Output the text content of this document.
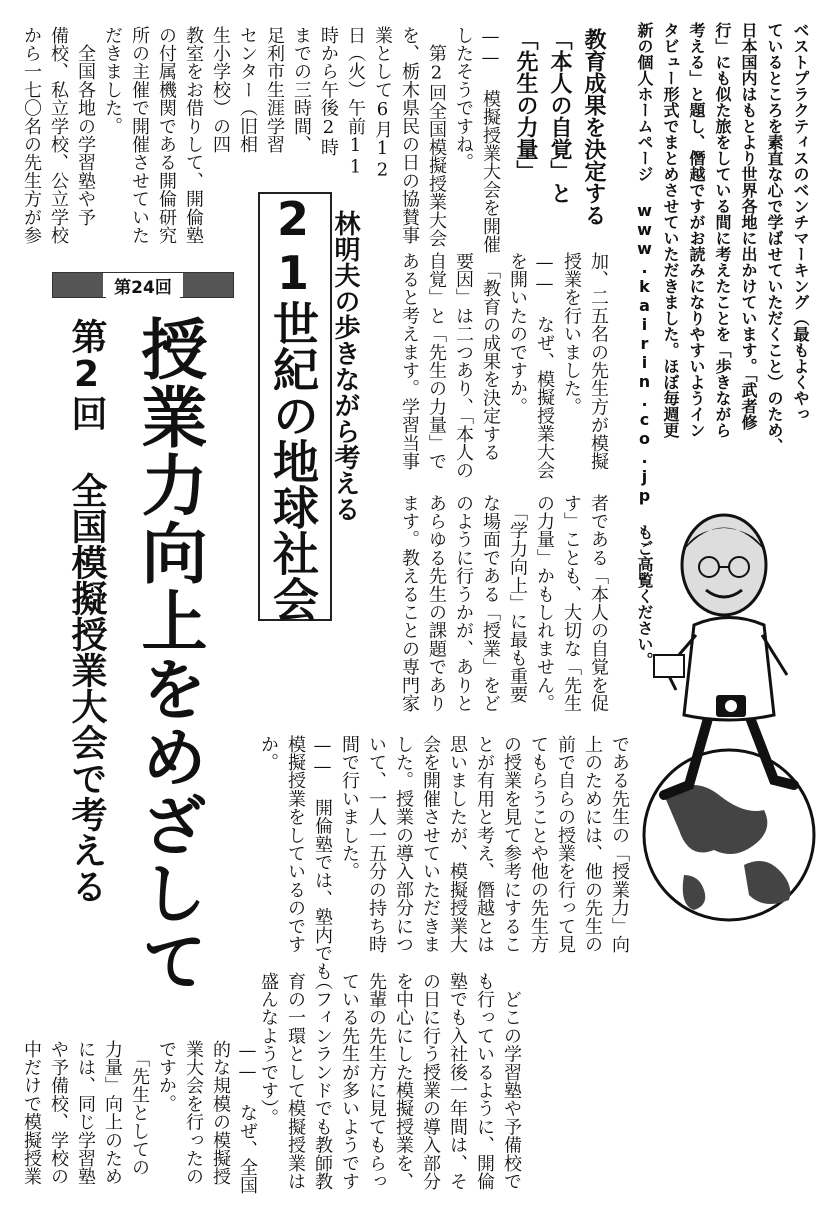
ベストプラクティスのベンチマーキング（最もよくやっ
ているところを素直な心で学ばせていただくこと）のため、
日本国内はもとより世界各地に出かけています。「武者修
行」にも似た旅をしている間に考えたことを「歩きながら
考える」と題し、僭越ですがお読みになりやすいようイン
タビュー形式でまとめさせていただきました。ほぼ毎週更
新の個人ホームページ www.kairin.co.jp もご高覧ください。

教育成果を決定する
「本人の自覚」と
「先生の力量」

21世紀の地球社会 林明夫の歩きながら考える

第24回

授業力向上をめざして

第2回 全国模擬授業大会で考える

—— 模擬授業大会を開催
したそうですね。
　第2回全国模擬授業大会
を、栃木県民の日の協賛事
業として6月12
日（火）午前11
時から午後2時
までの三時間、
足利市生涯学習
センター（旧相
生小学校）の四
教室をお借りして、開倫塾
の付属機関である開倫研究
所の主催で開催させていた
だきました。
　全国各地の学習塾や予
備校、私立学校、公立学校
から一七〇名の先生方が参

加、二五名の先生方が模擬
授業を行いました。
—— なぜ、模擬授業大会
を開いたのですか。
　「教育の成果を決定する
要因」は二つあり、「本人の
自覚」と「先生の力量」で
あると考えます。学習当事

者である「本人の自覚を促
す」ことも、大切な「先生
の力量」かもしれません。
　「学力向上」に最も重要
な場面である「授業」をど
のように行うかが、ありと
あらゆる先生の課題であり
ます。教えることの専門家

である先生の「授業力」向
上のためには、他の先生の
前で自らの授業を行って見
てもらうことや他の先生方
の授業を見て参考にするこ
とが有用と考え、僭越とは
思いましたが、模擬授業大
会を開催させていただきま
した。授業の導入部分につ
いて、一人一五分の持ち時
間で行いました。
—— 開倫塾では、塾内でも
模擬授業をしているのです
か。

　どこの学習塾や予備校で
も行っているように、開倫
塾でも入社後一年間は、そ
の日に行う授業の導入部分
を中心にした模擬授業を、
先輩の先生方に見てもらっ
ている先生が多いようです
（フィンランドでも教師教
育の一環として模擬授業は
盛んなようです）。

—— なぜ、全国
的な規模の模擬授
業大会を行ったの
ですか。
　「先生としての
力量」向上のため
には、同じ学習塾
や予備校、学校の
中だけで模擬授業
